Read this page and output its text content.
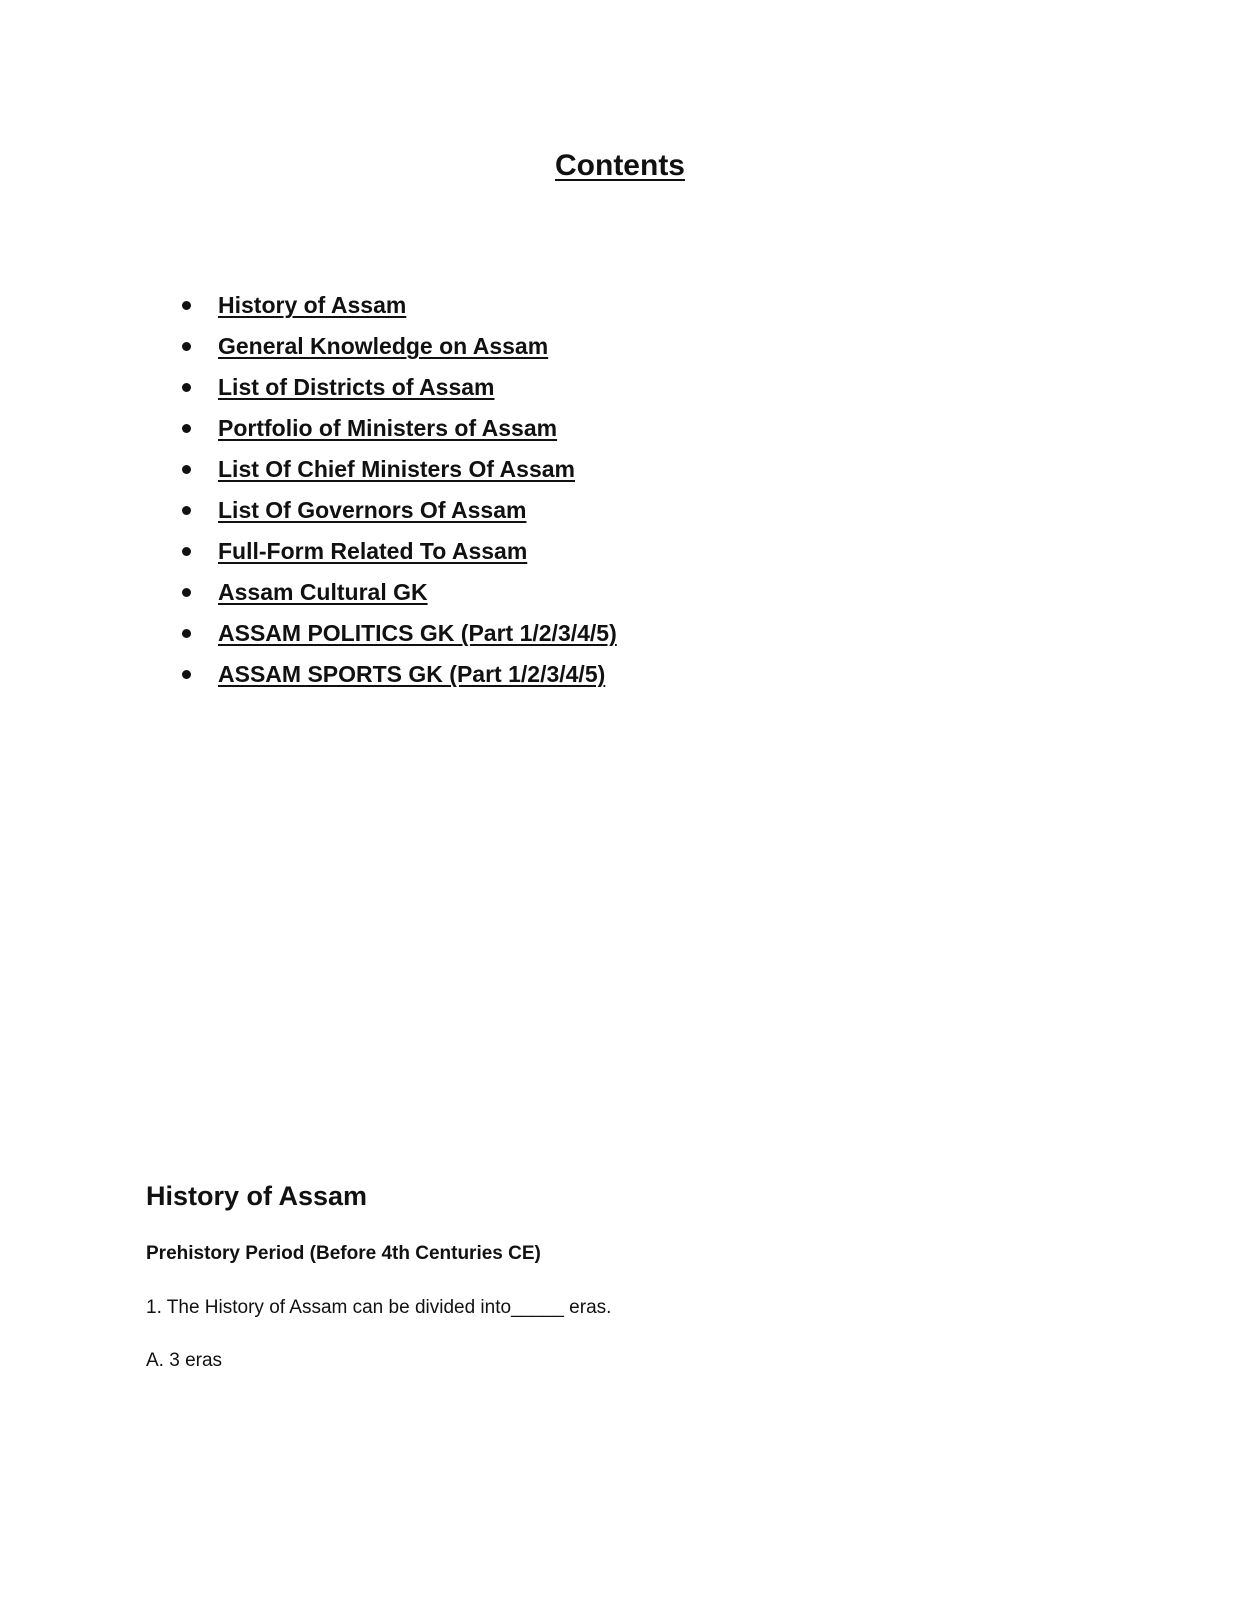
Contents
History of Assam
General Knowledge on Assam
List of Districts of Assam
Portfolio of Ministers of Assam
List Of Chief Ministers Of Assam
List Of Governors Of Assam
Full-Form Related To Assam
Assam Cultural GK
ASSAM POLITICS GK (Part 1/2/3/4/5)
ASSAM SPORTS GK (Part 1/2/3/4/5)
History of Assam

Prehistory Period (Before 4th Centuries CE)

1. The History of Assam can be divided into_____ eras.

A. 3 eras
